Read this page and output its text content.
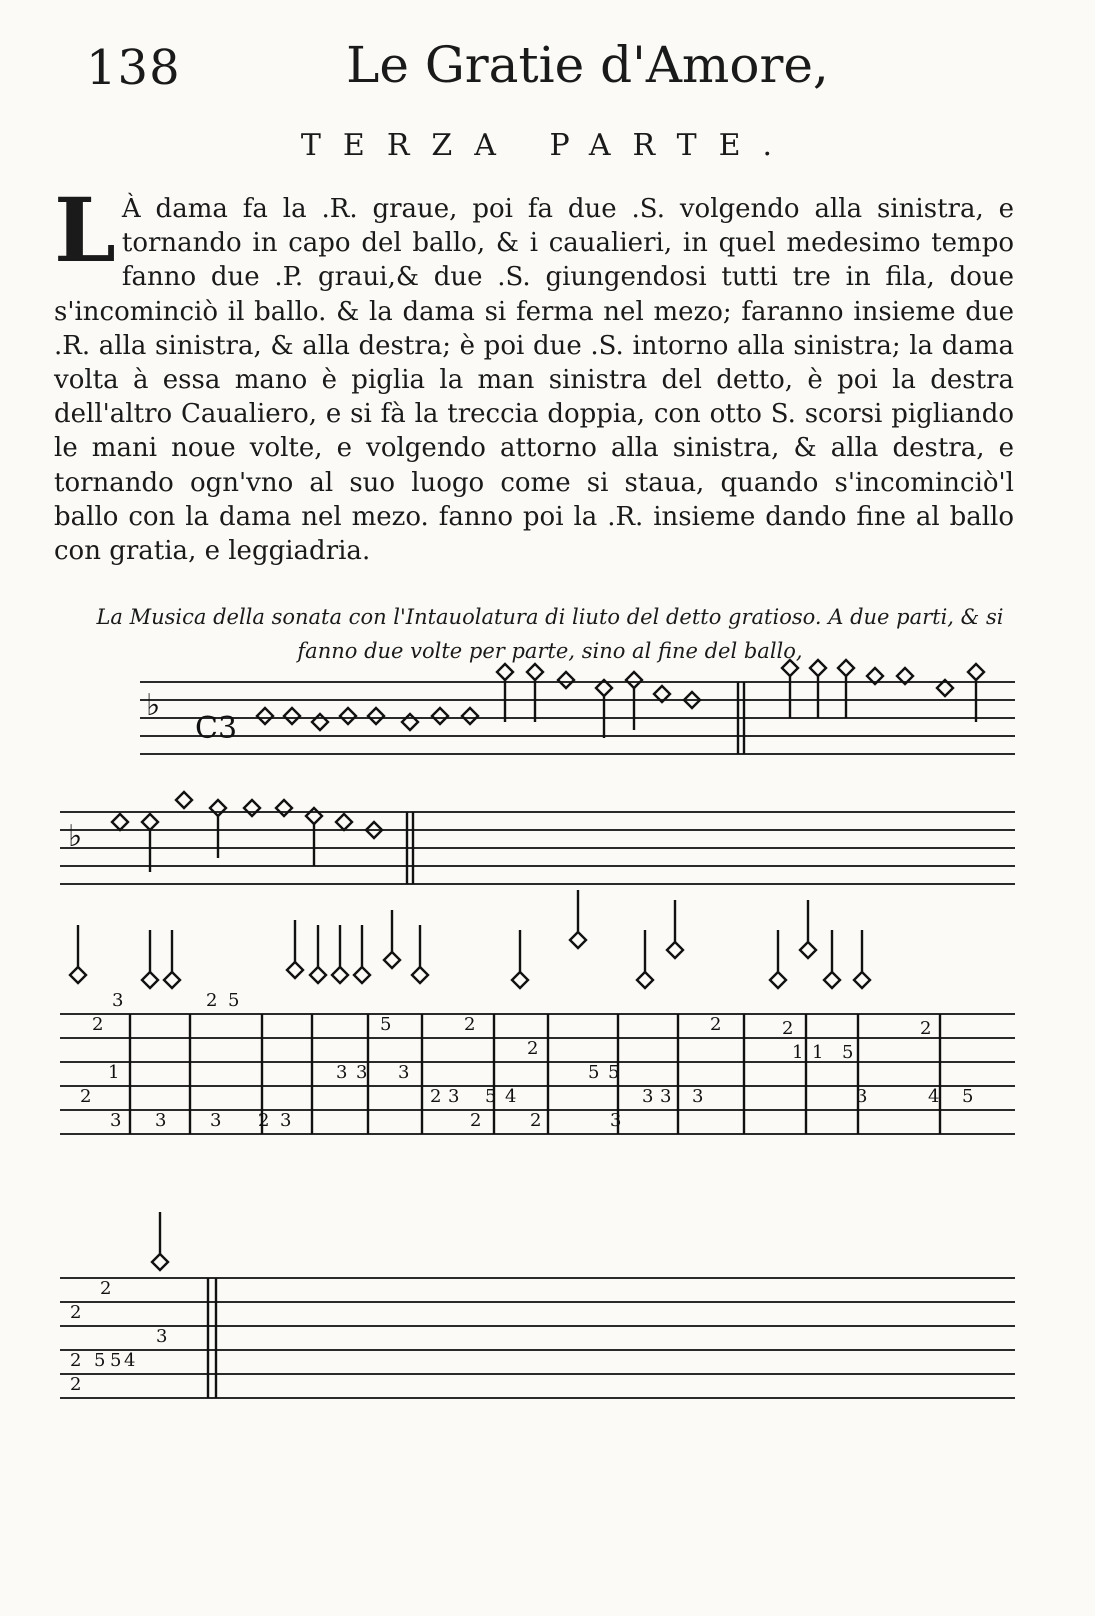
138	Le Gratie d'Amore,
TERZA PARTE.
L À dama fa la .R. graue, poi fa due .S. volgendo alla sinistra, e tornando in capo del ballo, & i caualieri, in quel medesimo tempo fanno due .P. graui,& due .S. giungendosi tutti tre in fila, doue s'incominciò il ballo. & la dama si ferma nel mezo; faranno insieme due .R. alla sinistra, & alla destra; è poi due .S. intorno alla sinistra; la dama volta à essa mano è piglia la man sinistra del detto, è poi la destra dell'altro Caualiero, e si fà la treccia doppia, con otto S. scorsi pigliando le mani noue volte, e volgendo attorno alla sinistra, & alla destra, e tornando ogn'vno al suo luogo come si staua, quando s'incominciò'l ballo con la dama nel mezo. fanno poi la .R. insieme dando fine al ballo con gratia, e leggiadria.
La Musica della sonata con l'Intauolatura di liuto del detto gratioso. A due parti, & si
fanno due volte per parte, sino al fine del ballo,
♭
C3
♭
3
2
1
2
3 3
2 5
3 2 3
3 3
5
3
2 3
2
2
5 4
2
2
5 5
3
3
2
3 3
2
1 1 5
3
2
4 5
2
2
2 5 5 4
3
2
